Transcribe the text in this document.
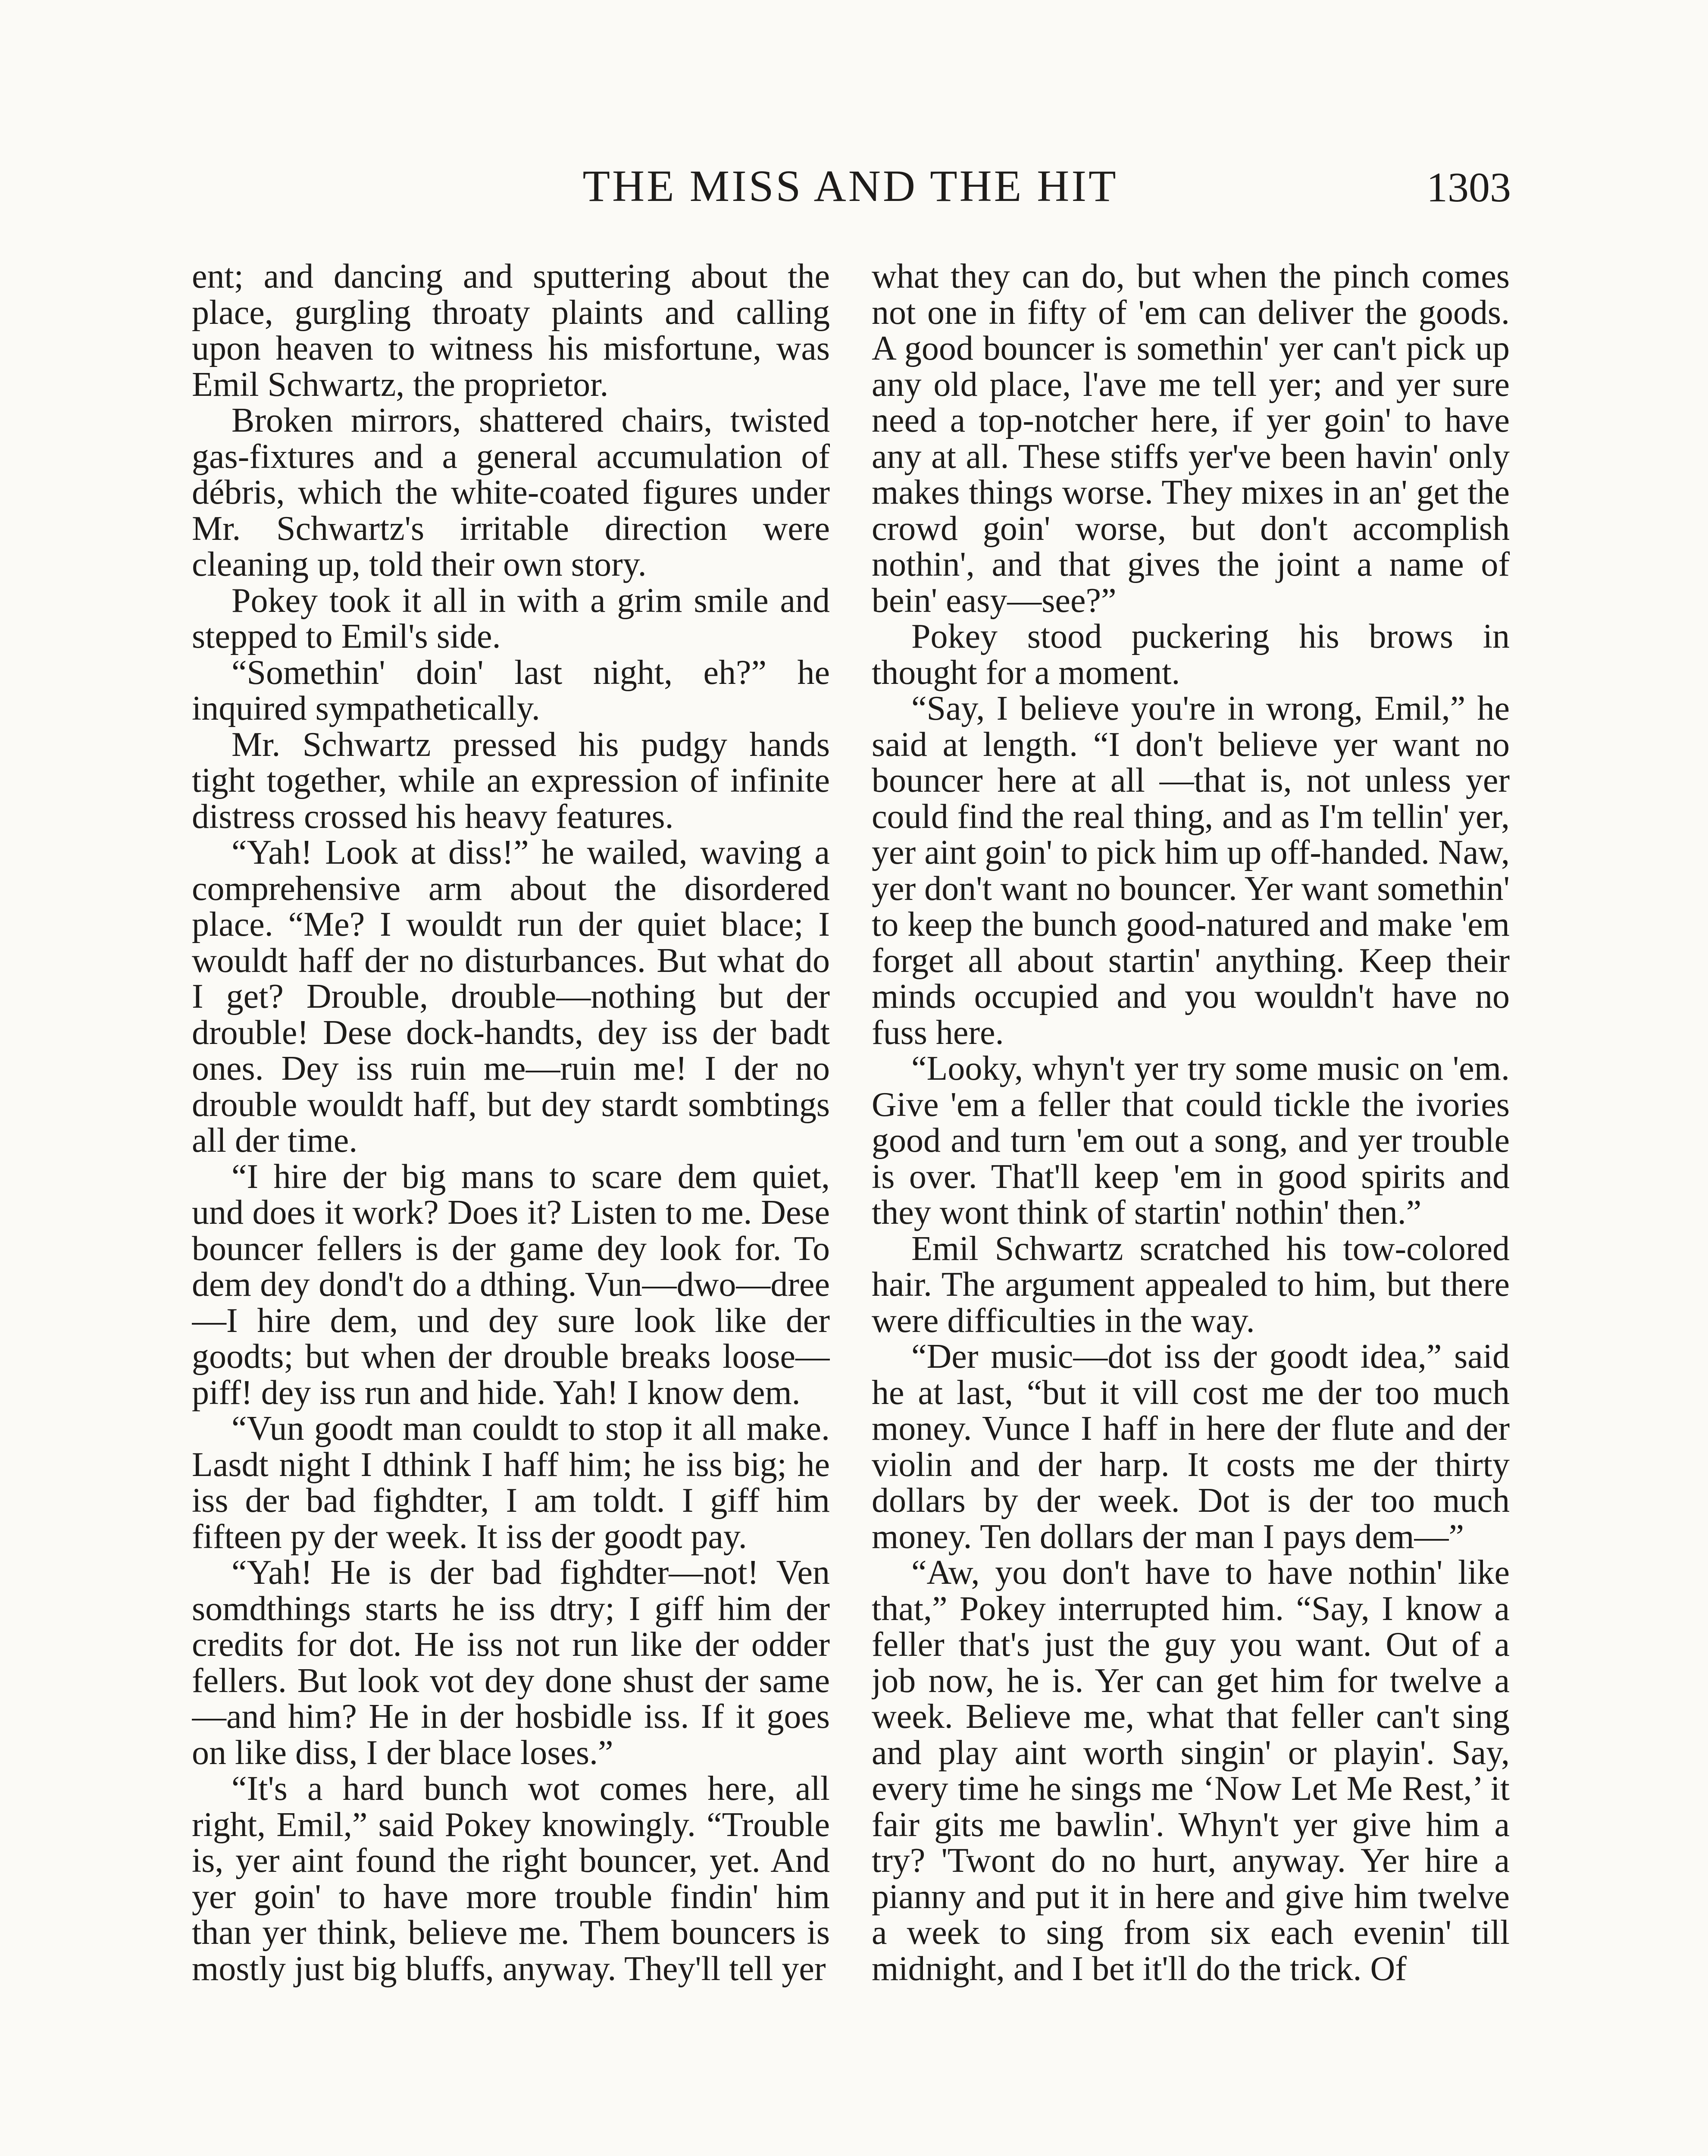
THE MISS AND THE HIT	1303

ent; and dancing and sputtering about the place, gurgling throaty plaints and calling upon heaven to witness his misfortune, was Emil Schwartz, the proprietor.

Broken mirrors, shattered chairs, twisted gas-fixtures and a general accumulation of débris, which the white-coated figures under Mr. Schwartz's irritable direction were cleaning up, told their own story.

Pokey took it all in with a grim smile and stepped to Emil's side.

“Somethin' doin' last night, eh?” he inquired sympathetically.

Mr. Schwartz pressed his pudgy hands tight together, while an expression of infinite distress crossed his heavy features.

“Yah! Look at diss!” he wailed, waving a comprehensive arm about the disordered place. “Me? I wouldt run der quiet blace; I wouldt haff der no disturbances. But what do I get? Drouble, drouble—nothing but der drouble! Dese dock-handts, dey iss der badt ones. Dey iss ruin me—ruin me! I der no drouble wouldt haff, but dey stardt sombtings all der time.

“I hire der big mans to scare dem quiet, und does it work? Does it? Listen to me. Dese bouncer fellers is der game dey look for. To dem dey dond't do a dthing. Vun—dwo—dree —I hire dem, und dey sure look like der goodts; but when der drouble breaks loose—piff! dey iss run and hide. Yah! I know dem.

“Vun goodt man couldt to stop it all make. Lasdt night I dthink I haff him; he iss big; he iss der bad fighdter, I am toldt. I giff him fifteen py der week. It iss der goodt pay.

“Yah! He is der bad fighdter—not! Ven somdthings starts he iss dtry; I giff him der credits for dot. He iss not run like der odder fellers. But look vot dey done shust der same—and him? He in der hosbidle iss. If it goes on like diss, I der blace loses.”

“It's a hard bunch wot comes here, all right, Emil,” said Pokey knowingly. “Trouble is, yer aint found the right bouncer, yet. And yer goin' to have more trouble findin' him than yer think, believe me. Them bouncers is mostly just big bluffs, anyway. They'll tell yer

what they can do, but when the pinch comes not one in fifty of 'em can deliver the goods. A good bouncer is somethin' yer can't pick up any old place, l'ave me tell yer; and yer sure need a top-notcher here, if yer goin' to have any at all. These stiffs yer've been havin' only makes things worse. They mixes in an' get the crowd goin' worse, but don't accomplish nothin', and that gives the joint a name of bein' easy—see?”

Pokey stood puckering his brows in thought for a moment.

“Say, I believe you're in wrong, Emil,” he said at length. “I don't believe yer want no bouncer here at all —that is, not unless yer could find the real thing, and as I'm tellin' yer, yer aint goin' to pick him up off-handed. Naw, yer don't want no bouncer. Yer want somethin' to keep the bunch good-natured and make 'em forget all about startin' anything. Keep their minds occupied and you wouldn't have no fuss here.

“Looky, whyn't yer try some music on 'em. Give 'em a feller that could tickle the ivories good and turn 'em out a song, and yer trouble is over. That'll keep 'em in good spirits and they wont think of startin' nothin' then.”

Emil Schwartz scratched his tow-colored hair. The argument appealed to him, but there were difficulties in the way.

“Der music—dot iss der goodt idea,” said he at last, “but it vill cost me der too much money. Vunce I haff in here der flute and der violin and der harp. It costs me der thirty dollars by der week. Dot is der too much money. Ten dollars der man I pays dem—”

“Aw, you don't have to have nothin' like that,” Pokey interrupted him. “Say, I know a feller that's just the guy you want. Out of a job now, he is. Yer can get him for twelve a week. Believe me, what that feller can't sing and play aint worth singin' or playin'. Say, every time he sings me ‘Now Let Me Rest,’ it fair gits me bawlin'. Whyn't yer give him a try? 'Twont do no hurt, anyway. Yer hire a pianny and put it in here and give him twelve a week to sing from six each evenin' till midnight, and I bet it'll do the trick. Of
